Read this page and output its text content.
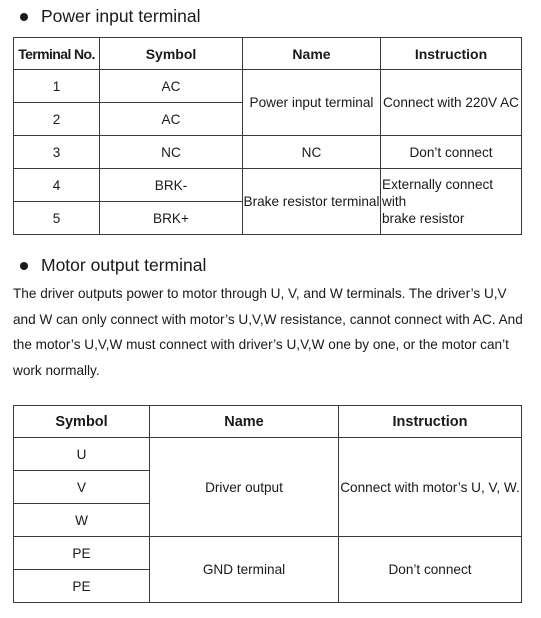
Power input terminal
Terminal No.	Symbol	Name	Instruction
1	AC	Power input terminal	Connect with 220V AC
2	AC		
3	NC	NC	Don’t connect
4	BRK-	Brake resistor terminal	Externally connect with
brake resistor
5	BRK+		
Motor output terminal

The driver outputs power to motor through U, V, and W terminals. The driver’s U,V and W can only connect with motor’s U,V,W resistance, cannot connect with AC. And the motor’s U,V,W must connect with driver’s U,V,W one by one, or the motor can’t work normally.

Symbol	Name	Instruction
U	Driver output	Connect with motor’s U, V, W.
V		
W		
PE	GND terminal	Don’t connect
PE		
